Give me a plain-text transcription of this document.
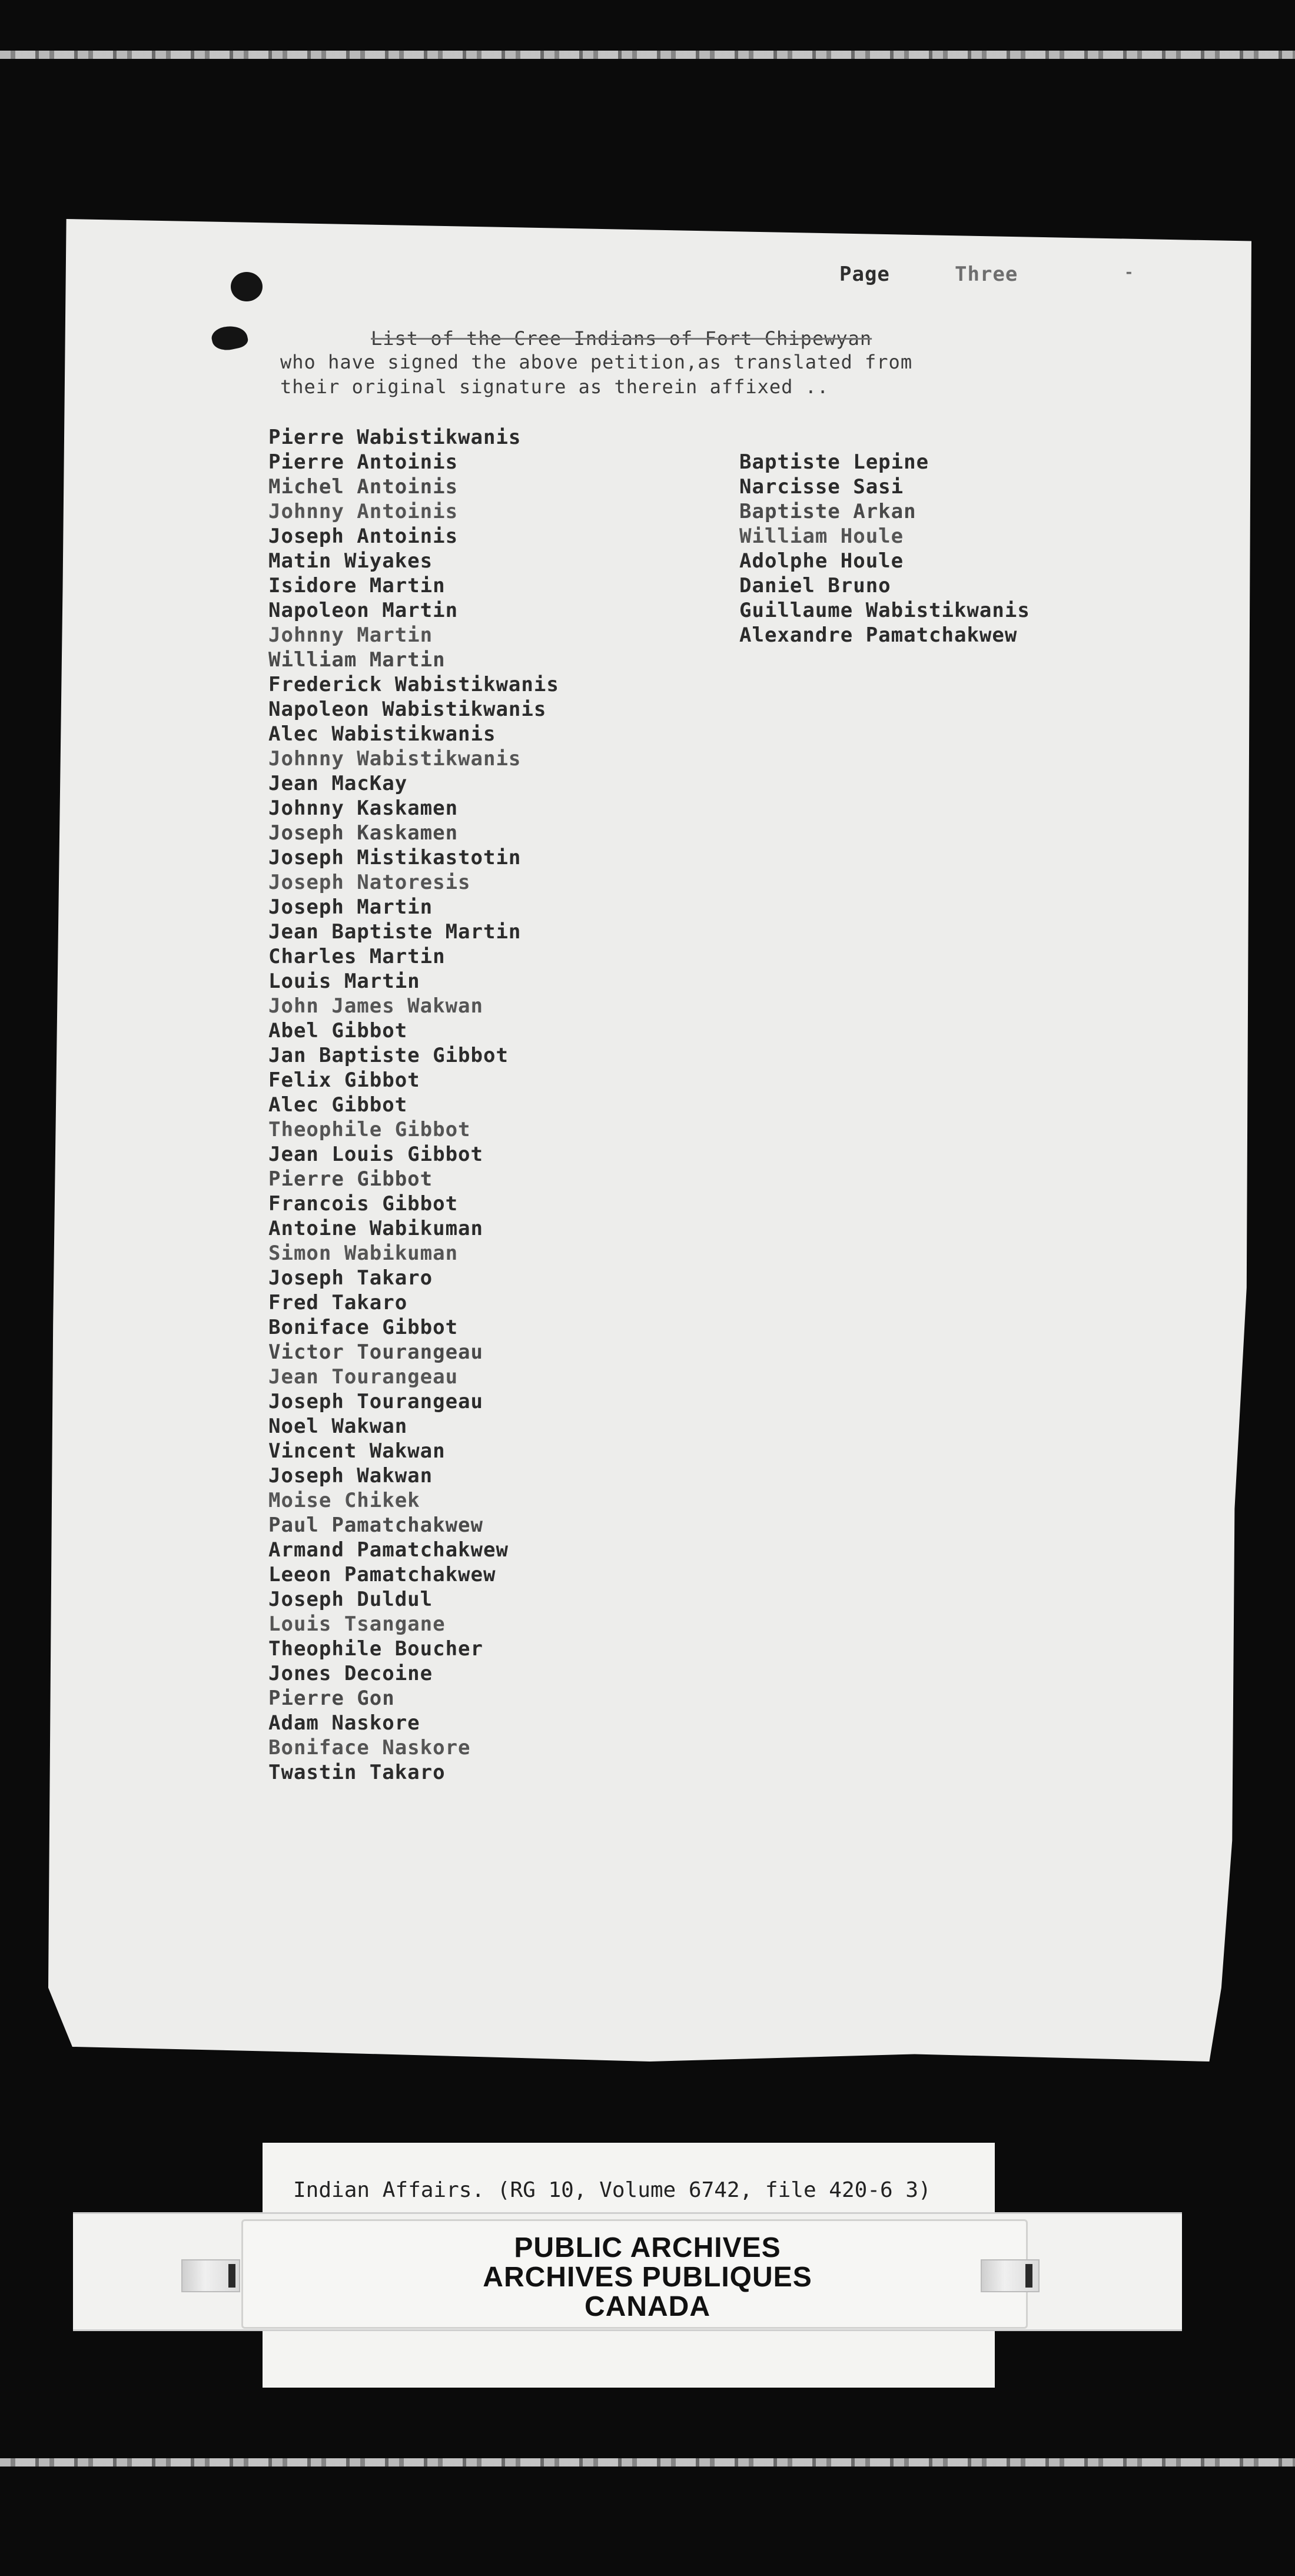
Page	Three	-
List of the Cree Indians of Fort Chipewyan
who have signed the above petition,as translated from
their original signature as therein affixed ..
Pierre Wabistikwanis
Pierre Antoinis
Michel Antoinis
Johnny Antoinis
Joseph Antoinis
Matin Wiyakes
Isidore Martin
Napoleon Martin
Johnny Martin
William Martin
Frederick Wabistikwanis
Napoleon Wabistikwanis
Alec Wabistikwanis
Johnny Wabistikwanis
Jean MacKay
Johnny Kaskamen
Joseph Kaskamen
Joseph Mistikastotin
Joseph Natoresis
Joseph Martin
Jean Baptiste Martin
Charles Martin
Louis Martin
John James Wakwan
Abel Gibbot
Jan Baptiste Gibbot
Felix Gibbot
Alec Gibbot
Theophile Gibbot
Jean Louis Gibbot
Pierre Gibbot
Francois Gibbot
Antoine Wabikuman
Simon Wabikuman
Joseph Takaro
Fred Takaro
Boniface Gibbot
Victor Tourangeau
Jean Tourangeau
Joseph Tourangeau
Noel Wakwan
Vincent Wakwan
Joseph Wakwan
Moise Chikek
Paul Pamatchakwew
Armand Pamatchakwew
Leeon Pamatchakwew
Joseph Duldul
Louis Tsangane
Theophile Boucher
Jones Decoine
Pierre Gon
Adam Naskore
Boniface Naskore
Twastin Takaro
Baptiste Lepine
Narcisse Sasi
Baptiste Arkan
William Houle
Adolphe Houle
Daniel Bruno
Guillaume Wabistikwanis
Alexandre Pamatchakwew
Indian Affairs. (RG 10, Volume 6742, file 420-6 3)
PUBLIC ARCHIVES
ARCHIVES PUBLIQUES
CANADA
